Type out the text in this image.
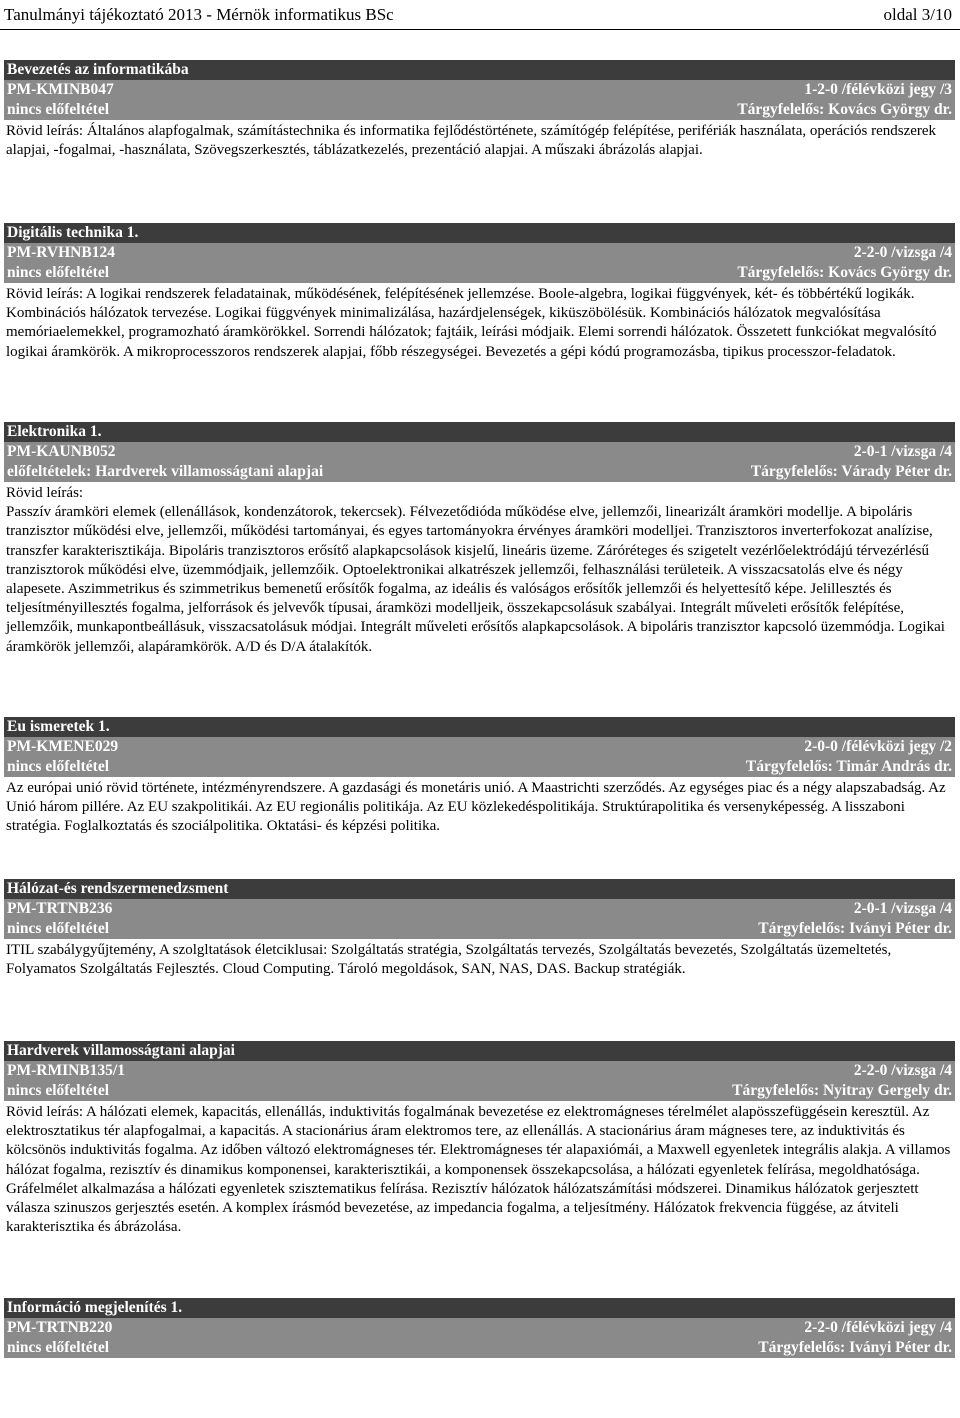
Tanulmányi tájékoztató 2013 - Mérnök informatikus BSc	oldal 3/10
Bevezetés az informatikába
PM-KMINB047	1-2-0 /félévközi jegy /3
nincs előfeltétel	Tárgyfelelős: Kovács György dr.
Rövid leírás: Általános alapfogalmak, számítástechnika és informatika fejlődéstörténete, számítógép felépítése, perifériák használata, operációs rendszerek alapjai, -fogalmai, -használata, Szövegszerkesztés, táblázatkezelés, prezentáció alapjai. A műszaki ábrázolás alapjai.
Digitális technika 1.
PM-RVHNB124	2-2-0 /vizsga /4
nincs előfeltétel	Tárgyfelelős: Kovács György dr.
Rövid leírás: A logikai rendszerek feladatainak, működésének, felépítésének jellemzése. Boole-algebra, logikai függvények, két- és többértékű logikák. Kombinációs hálózatok tervezése. Logikai függvények minimalizálása, hazárdjelenségek, kiküszöbölésük. Kombinációs hálózatok megvalósítása memóriaelemekkel, programozható áramkörökkel. Sorrendi hálózatok; fajtáik, leírási módjaik. Elemi sorrendi hálózatok. Összetett funkciókat megvalósító logikai áramkörök. A mikroprocesszoros rendszerek alapjai, főbb részegységei. Bevezetés a gépi kódú programozásba, tipikus processzor-feladatok.
Elektronika 1.
PM-KAUNB052	2-0-1 /vizsga /4
előfeltételek: Hardverek villamosságtani alapjai	Tárgyfelelős: Várady Péter dr.
Rövid leírás:
Passzív áramköri elemek (ellenállások, kondenzátorok, tekercsek). Félvezetődióda működése elve, jellemzői, linearizált áramköri modellje. A bipoláris tranzisztor működési elve, jellemzői, működési tartományai, és egyes tartományokra érvényes áramköri modelljei. Tranzisztoros inverterfokozat analízise, transzfer karakterisztikája. Bipoláris tranzisztoros erősítő alapkapcsolások kisjelű, lineáris üzeme. Záróréteges és szigetelt vezérlőelektródájú térvezérlésű tranzisztorok működési elve, üzemmódjaik, jellemzőik. Optoelektronikai alkatrészek jellemzői, felhasználási területeik. A visszacsatolás elve és négy alapesete. Aszimmetrikus és szimmetrikus bemenetű erősítők fogalma, az ideális és valóságos erősítők jellemzői és helyettesítő képe. Jelillesztés és teljesítményillesztés fogalma, jelforrások és jelvevők típusai, áramközi modelljeik, összekapcsolásuk szabályai. Integrált műveleti erősítők felépítése, jellemzőik, munkapontbeállásuk, visszacsatolásuk módjai. Integrált műveleti erősítős alapkapcsolások. A bipoláris tranzisztor kapcsoló üzemmódja. Logikai áramkörök jellemzői, alapáramkörök. A/D és D/A átalakítók.
Eu ismeretek 1.
PM-KMENE029	2-0-0 /félévközi jegy /2
nincs előfeltétel	Tárgyfelelős: Timár András dr.
Az európai unió rövid története, intézményrendszere. A gazdasági és monetáris unió. A Maastrichti szerződés. Az egységes piac és a négy alapszabadság. Az Unió három pillére. Az EU szakpolitikái. Az EU regionális politikája. Az EU közlekedéspolitikája. Struktúrapolitika és versenyképesség. A lisszaboni stratégia. Foglalkoztatás és szociálpolitika. Oktatási- és képzési politika.
Hálózat-és rendszermenedzsment
PM-TRTNB236	2-0-1 /vizsga /4
nincs előfeltétel	Tárgyfelelős: Iványi Péter dr.
ITIL szabálygyűjtemény, A szolgltatások életciklusai: Szolgáltatás stratégia, Szolgáltatás tervezés, Szolgáltatás bevezetés, Szolgáltatás üzemeltetés, Folyamatos Szolgáltatás Fejlesztés. Cloud Computing. Tároló megoldások, SAN, NAS, DAS. Backup stratégiák.
Hardverek villamosságtani alapjai
PM-RMINB135/1	2-2-0 /vizsga /4
nincs előfeltétel	Tárgyfelelős: Nyitray Gergely dr.
Rövid leírás: A hálózati elemek, kapacitás, ellenállás, induktivitás fogalmának bevezetése ez elektromágneses térelmélet alapösszefüggésein keresztül. Az elektrosztatikus tér alapfogalmai, a kapacitás. A stacionárius áram elektromos tere, az ellenállás. A stacionárius áram mágneses tere, az induktivitás és kölcsönös induktivitás fogalma. Az időben változó elektromágneses tér. Elektromágneses tér alapaxiómái, a Maxwell egyenletek integrális alakja. A villamos hálózat fogalma, rezisztív és dinamikus komponensei, karakterisztikái, a komponensek összekapcsolása, a hálózati egyenletek felírása, megoldhatósága. Gráfelmélet alkalmazása a hálózati egyenletek szisztematikus felírása. Rezisztív hálózatok hálózatszámítási módszerei. Dinamikus hálózatok gerjesztett válasza szinuszos gerjesztés esetén. A komplex írásmód bevezetése, az impedancia fogalma, a teljesítmény. Hálózatok frekvencia függése, az átviteli karakterisztika és ábrázolása.
Információ megjelenítés 1.
PM-TRTNB220	2-2-0 /félévközi jegy /4
nincs előfeltétel	Tárgyfelelős: Iványi Péter dr.
